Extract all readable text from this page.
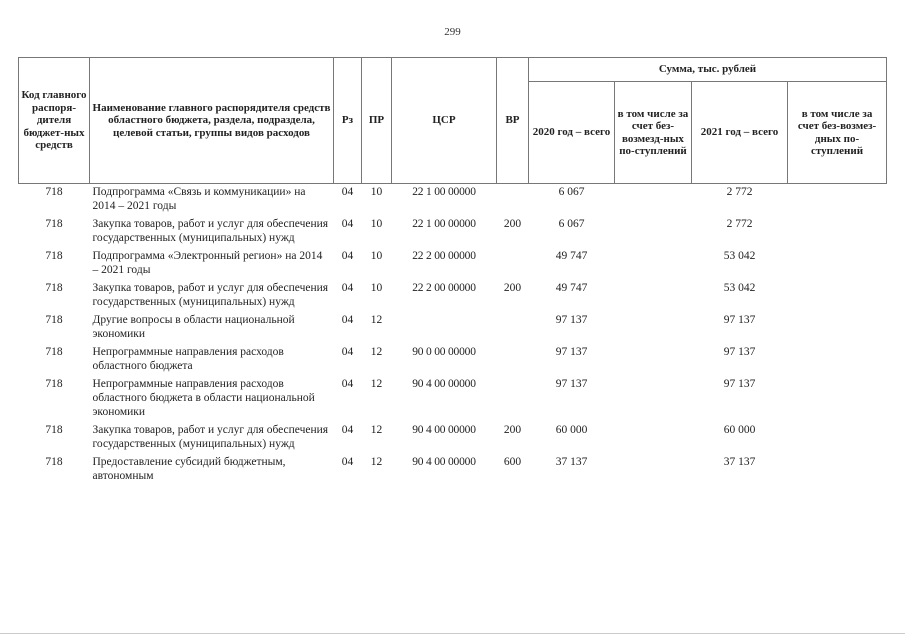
299
Код главного распоря-дителя бюджет-ных средств	Наименование главного распорядителя средств областного бюджета, раздела, подраздела, целевой статьи, группы видов расходов	Рз	ПР	ЦСР	ВР	Сумма, тыс. рублей			
						2020 год – всего	в том числе за счет без-возмезд-ных по-ступлений	2021 год – всего	в том числе за счет без-возмез-дных по-ступлений
718	Подпрограмма «Связь и коммуникации» на 2014 – 2021 годы	04	10	22 1 00 00000		6 067		2 772	
718	Закупка товаров, работ и услуг для обеспечения государственных (муниципальных) нужд	04	10	22 1 00 00000	200	6 067		2 772	
718	Подпрограмма «Электронный регион» на 2014 – 2021 годы	04	10	22 2 00 00000		49 747		53 042	
718	Закупка товаров, работ и услуг для обеспечения государственных (муниципальных) нужд	04	10	22 2 00 00000	200	49 747		53 042	
718	Другие вопросы в области национальной экономики	04	12			97 137		97 137	
718	Непрограммные направления расходов областного бюджета	04	12	90 0 00 00000		97 137		97 137	
718	Непрограммные направления расходов областного бюджета в области национальной экономики	04	12	90 4 00 00000		97 137		97 137	
718	Закупка товаров, работ и услуг для обеспечения государственных (муниципальных) нужд	04	12	90 4 00 00000	200	60 000		60 000	
718	Предоставление субсидий бюджетным, автономным	04	12	90 4 00 00000	600	37 137		37 137	
